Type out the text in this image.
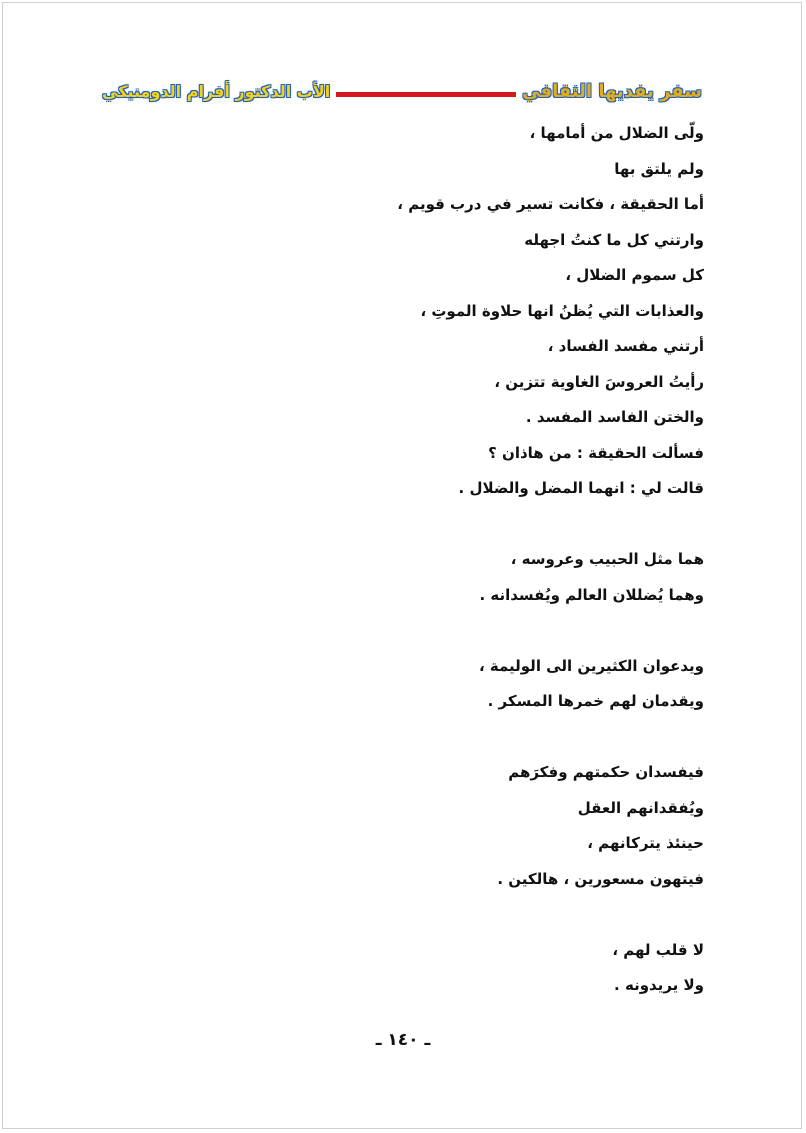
الأب الدكتور أفرام الدومنيكي	سفر يفديها الثقافي
ولّى الضلال من أمامها ،
ولم يلتق بها
أما الحقيقة ، فكانت تسير في درب قويم ،
وارتني كل ما كنتُ اجهله
كل سموم الضلال ،
والعذابات التي يُظنُ انها حلاوة الموتِ ،
أرتني مفسد الفساد ،
رأيتُ العروسَ الغاوية تتزين ،
والختن الفاسد المفسد .
فسألت الحقيقة : من هاذان ؟
قالت لي : انهما المضل والضلال .
هما مثل الحبيب وعروسه ،
وهما يُضللان العالم ويُفسدانه .
ويدعوان الكثيرين الى الوليمة ،
ويقدمان لهم خمرها المسكر .
فيفسدان حكمتهم وفكرَهم
ويُفقدانهم العقل
حينئذ يتركانهم ،
فيتهون مسعورين ، هالكين .
لا قلب لهم ،
ولا يريدونه .
ـ ١٤٠ ـ
